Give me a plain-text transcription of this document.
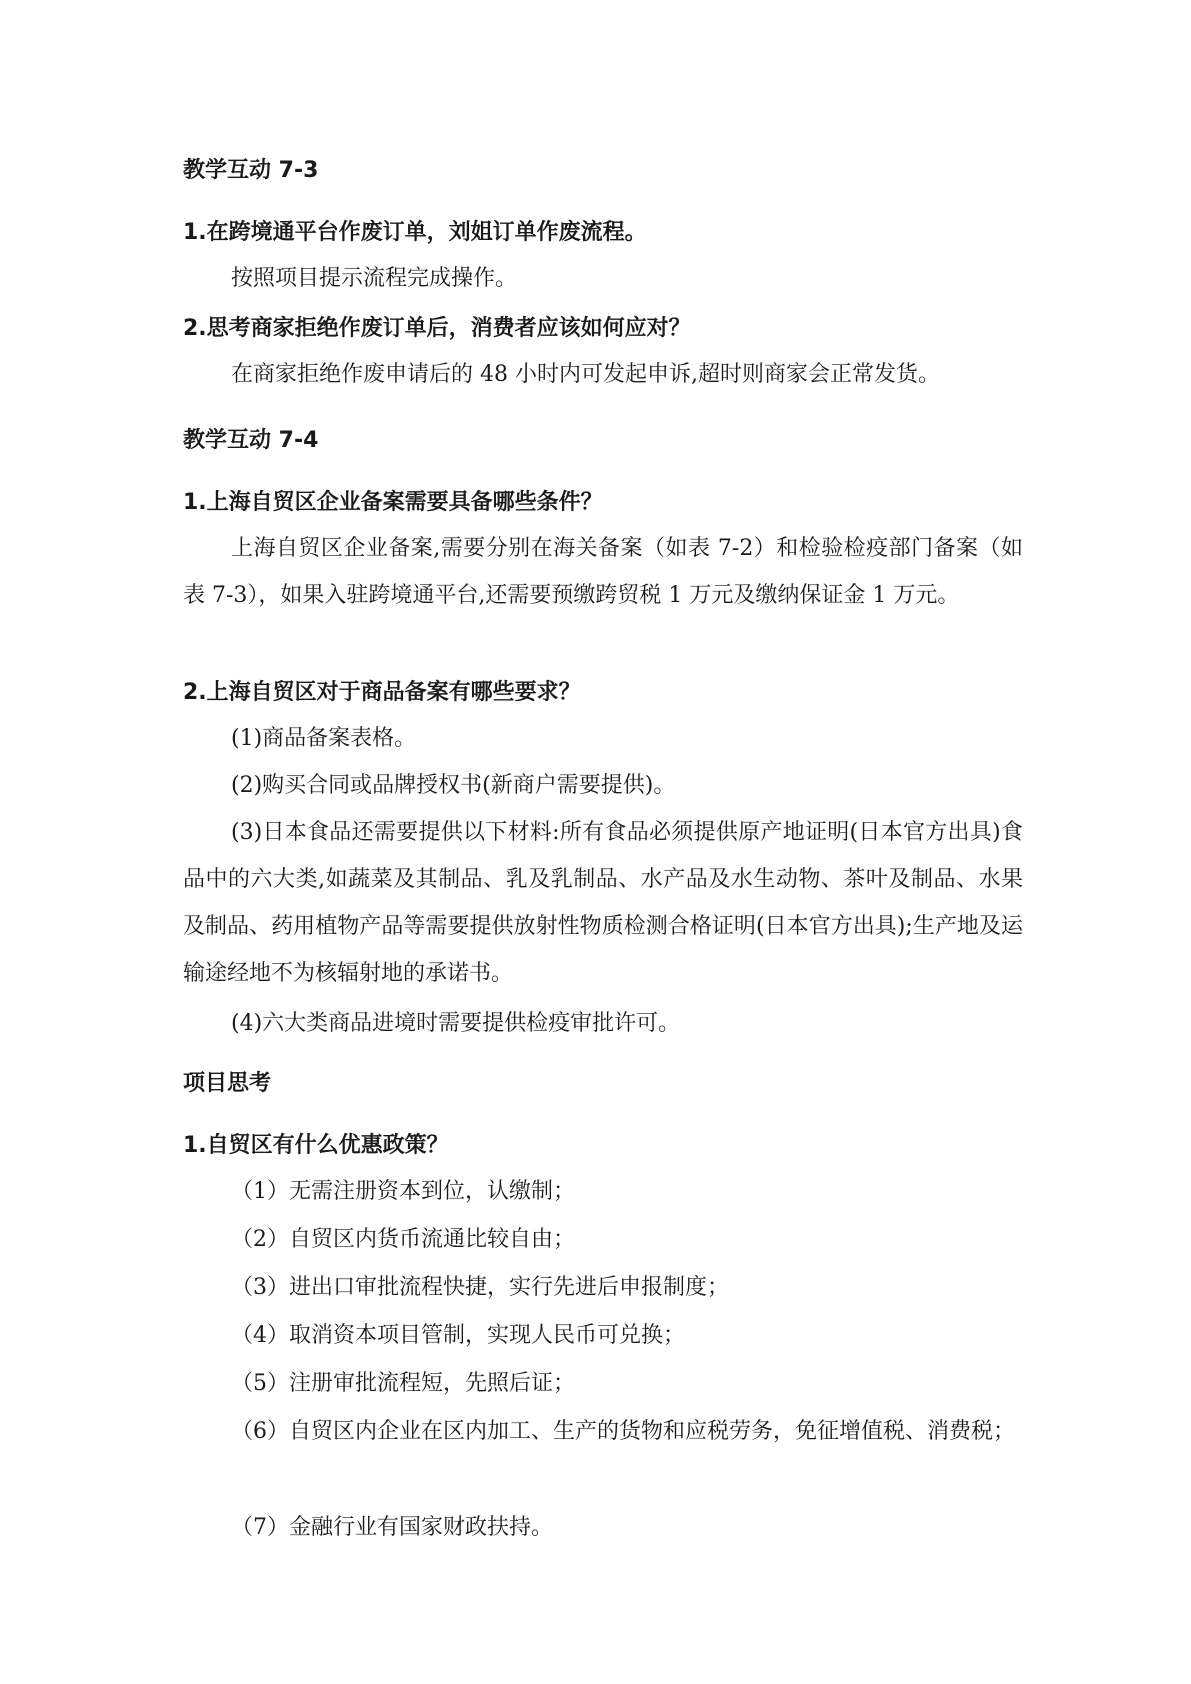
教学互动 7-3
1.在跨境通平台作废订单，刘姐订单作废流程。
按照项目提示流程完成操作。
2.思考商家拒绝作废订单后，消费者应该如何应对？
在商家拒绝作废申请后的 48 小时内可发起申诉,超时则商家会正常发货。
教学互动 7-4
1.上海自贸区企业备案需要具备哪些条件？
上海自贸区企业备案,需要分别在海关备案（如表 7-2）和检验检疫部门备案（如表 7-3），如果入驻跨境通平台,还需要预缴跨贸税 1 万元及缴纳保证金 1 万元。
2.上海自贸区对于商品备案有哪些要求？
(1)商品备案表格。
(2)购买合同或品牌授权书(新商户需要提供)。
(3)日本食品还需要提供以下材料:所有食品必须提供原产地证明(日本官方出具)食品中的六大类,如蔬菜及其制品、乳及乳制品、水产品及水生动物、茶叶及制品、水果及制品、药用植物产品等需要提供放射性物质检测合格证明(日本官方出具);生产地及运输途经地不为核辐射地的承诺书。
(4)六大类商品进境时需要提供检疫审批许可。
项目思考
1.自贸区有什么优惠政策？
（1）无需注册资本到位，认缴制；
（2）自贸区内货币流通比较自由；
（3）进出口审批流程快捷，实行先进后申报制度；
（4）取消资本项目管制，实现人民币可兑换；
（5）注册审批流程短，先照后证；
（6）自贸区内企业在区内加工、生产的货物和应税劳务，免征增值税、消费税；
（7）金融行业有国家财政扶持。
